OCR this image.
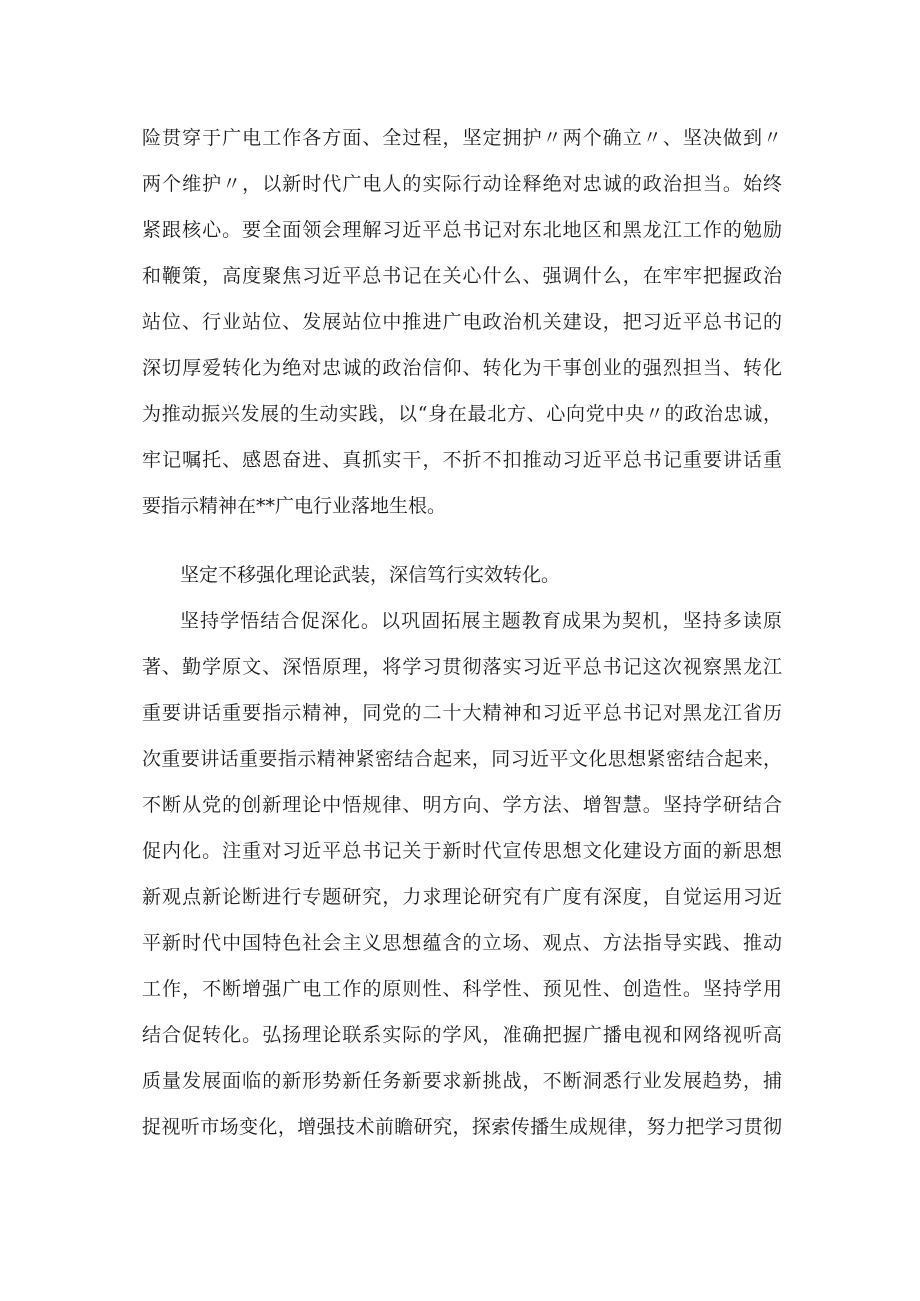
险贯穿于广电工作各方面、全过程，坚定拥护〃两个确立〃、坚决做到〃
两个维护〃，以新时代广电人的实际行动诠释绝对忠诚的政治担当。始终
紧跟核心。要全面领会理解习近平总书记对东北地区和黑龙江工作的勉励
和鞭策，高度聚焦习近平总书记在关心什么、强调什么，在牢牢把握政治
站位、行业站位、发展站位中推进广电政治机关建设，把习近平总书记的
深切厚爱转化为绝对忠诚的政治信仰、转化为干事创业的强烈担当、转化
为推动振兴发展的生动实践，以“身在最北方、心向党中央〃的政治忠诚，
牢记嘱托、感恩奋进、真抓实干，不折不扣推动习近平总书记重要讲话重
要指示精神在**广电行业落地生根。
坚定不移强化理论武装，深信笃行实效转化。
坚持学悟结合促深化。以巩固拓展主题教育成果为契机，坚持多读原
著、勤学原文、深悟原理，将学习贯彻落实习近平总书记这次视察黑龙江
重要讲话重要指示精神，同党的二十大精神和习近平总书记对黑龙江省历
次重要讲话重要指示精神紧密结合起来，同习近平文化思想紧密结合起来，
不断从党的创新理论中悟规律、明方向、学方法、增智慧。坚持学研结合
促内化。注重对习近平总书记关于新时代宣传思想文化建设方面的新思想
新观点新论断进行专题研究，力求理论研究有广度有深度，自觉运用习近
平新时代中国特色社会主义思想蕴含的立场、观点、方法指导实践、推动
工作，不断增强广电工作的原则性、科学性、预见性、创造性。坚持学用
结合促转化。弘扬理论联系实际的学风，准确把握广播电视和网络视听高
质量发展面临的新形势新任务新要求新挑战，不断洞悉行业发展趋势，捕
捉视听市场变化，增强技术前瞻研究，探索传播生成规律，努力把学习贯彻
